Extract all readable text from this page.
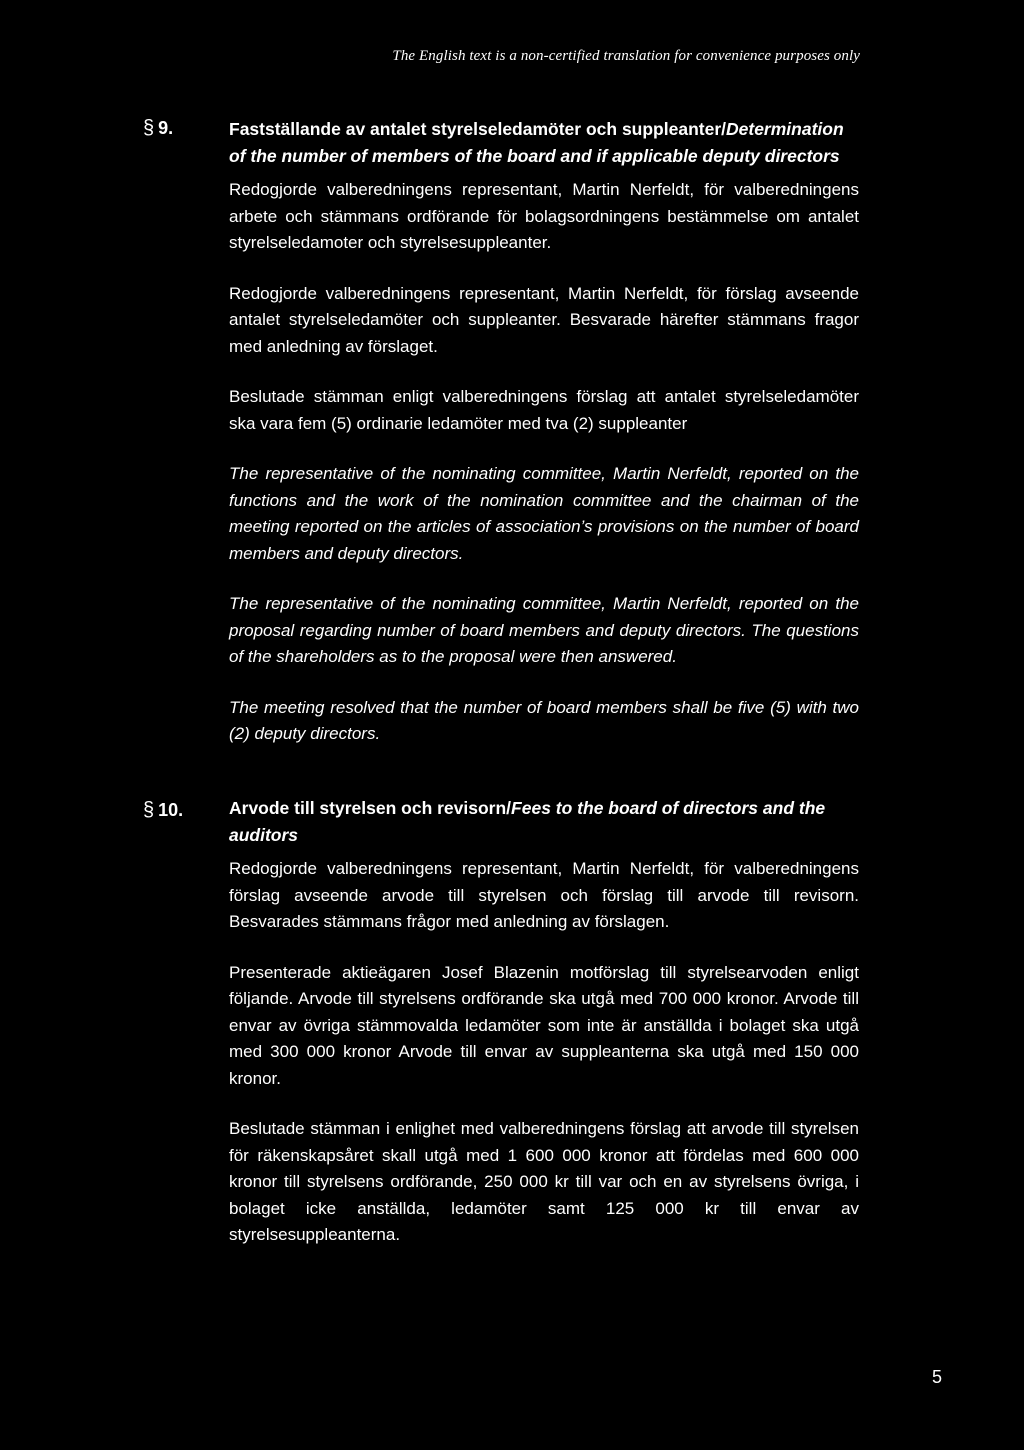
The English text is a non-certified translation for convenience purposes only
§ 9.	Fastställande av antalet styrelseledamöter och suppleanter/Determination of the number of members of the board and if applicable deputy directors

Redogjorde valberedningens representant, Martin Nerfeldt, för valberedningens arbete och stämmans ordförande för bolagsordningens bestämmelse om antalet styrelseledamoter och styrelsesuppleanter.

Redogjorde valberedningens representant, Martin Nerfeldt, för förslag avseende antalet styrelseledamöter och suppleanter. Besvarade härefter stämmans fragor med anledning av förslaget.

Beslutade stämman enligt valberedningens förslag att antalet styrelseledamöter ska vara fem (5) ordinarie ledamöter med tva (2) suppleanter

The representative of the nominating committee, Martin Nerfeldt, reported on the functions and the work of the nomination committee and the chairman of the meeting reported on the articles of association’s provisions on the number of board members and deputy directors.

The representative of the nominating committee, Martin Nerfeldt, reported on the proposal regarding number of board members and deputy directors. The questions of the shareholders as to the proposal were then answered.

The meeting resolved that the number of board members shall be five (5) with two (2) deputy directors.

§ 10.	Arvode till styrelsen och revisorn/Fees to the board of directors and the auditors

Redogjorde valberedningens representant, Martin Nerfeldt, för valberedningens förslag avseende arvode till styrelsen och förslag till arvode till revisorn. Besvarades stämmans frågor med anledning av förslagen.

Presenterade aktieägaren Josef Blazenin motförslag till styrelsearvoden enligt följande. Arvode till styrelsens ordförande ska utgå med 700 000 kronor. Arvode till envar av övriga stämmovalda ledamöter som inte är anställda i bolaget ska utgå med 300 000 kronor Arvode till envar av suppleanterna ska utgå med 150 000 kronor.

Beslutade stämman i enlighet med valberedningens förslag att arvode till styrelsen för räkenskapsåret skall utgå med 1 600 000 kronor att fördelas med 600 000 kronor till styrelsens ordförande, 250 000 kr till var och en av styrelsens övriga, i bolaget icke anställda, ledamöter samt 125 000 kr till envar av styrelsesuppleanterna.

5
